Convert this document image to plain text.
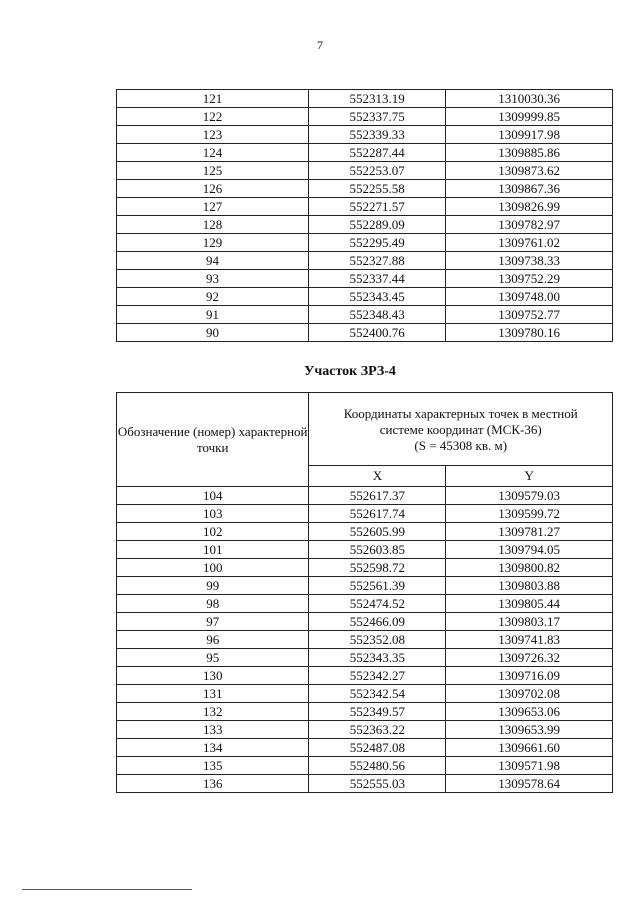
7
121	552313.19	1310030.36
122	552337.75	1309999.85
123	552339.33	1309917.98
124	552287.44	1309885.86
125	552253.07	1309873.62
126	552255.58	1309867.36
127	552271.57	1309826.99
128	552289.09	1309782.97
129	552295.49	1309761.02
94	552327.88	1309738.33
93	552337.44	1309752.29
92	552343.45	1309748.00
91	552348.43	1309752.77
90	552400.76	1309780.16
Участок ЗРЗ-4
Обозначение (номер) характерной точки	Координаты характерных точек в местной
системе координат (МСК-36)
(S = 45308 кв. м)	

	X	Y
104	552617.37	1309579.03
103	552617.74	1309599.72
102	552605.99	1309781.27
101	552603.85	1309794.05
100	552598.72	1309800.82
99	552561.39	1309803.88
98	552474.52	1309805.44
97	552466.09	1309803.17
96	552352.08	1309741.83
95	552343.35	1309726.32
130	552342.27	1309716.09
131	552342.54	1309702.08
132	552349.57	1309653.06
133	552363.22	1309653.99
134	552487.08	1309661.60
135	552480.56	1309571.98
136	552555.03	1309578.64
